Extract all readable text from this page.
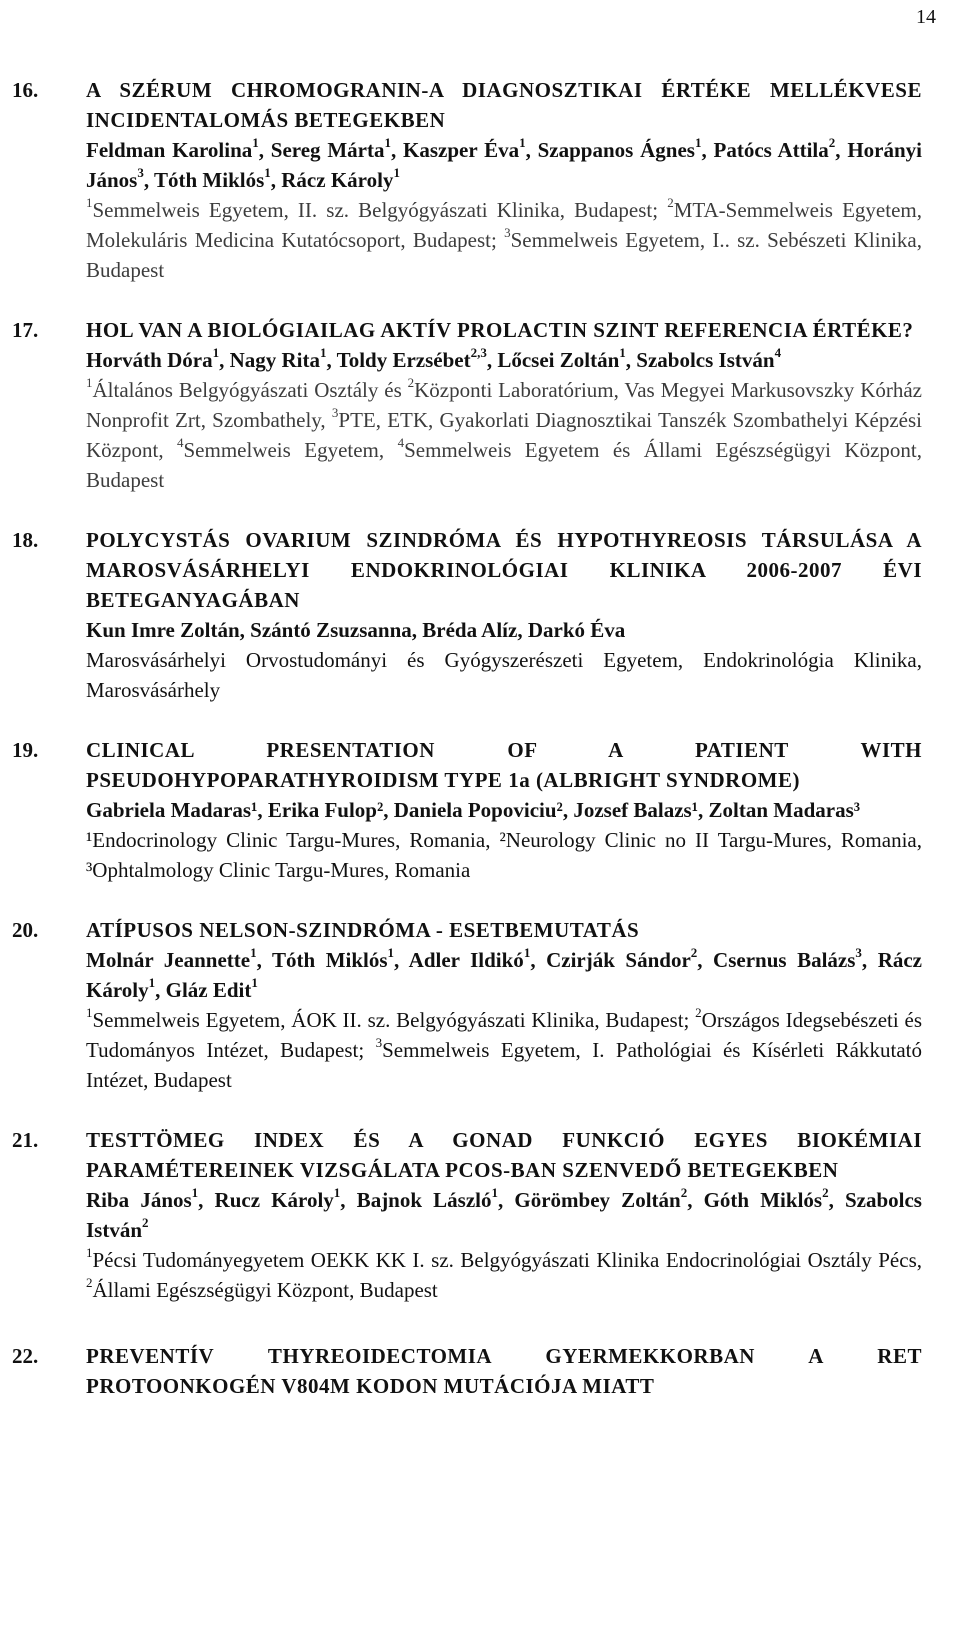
14
16. A SZÉRUM CHROMOGRANIN-A DIAGNOSZTIKAI ÉRTÉKE MELLÉKVESE INCIDENTALOMÁS BETEGEKBEN
Feldman Karolina$^1$, Sereg Márta$^1$, Kaszper Éva$^1$, Szappanos Ágnes$^1$, Patócs Attila$^2$, Horányi János$^3$, Tóth Miklós$^1$, Rácz Károly$^1$
$^1$Semmelweis Egyetem, II. sz. Belgyógyászati Klinika, Budapest; $^2$MTA-Semmelweis Egyetem, Molekuláris Medicina Kutatócsoport, Budapest; $^3$Semmelweis Egyetem, I.. sz. Sebészeti Klinika, Budapest
17. HOL VAN A BIOLÓGIAILAG AKTÍV PROLACTIN SZINT REFERENCIA ÉRTÉKE?
Horváth Dóra$^1$, Nagy Rita$^1$, Toldy Erzsébet$^{2,3}$, Lőcsei Zoltán$^1$, Szabolcs István$^4$
$^1$Általános Belgyógyászati Osztály és $^2$Központi Laboratórium, Vas Megyei Markusovszky Kórház Nonprofit Zrt, Szombathely, $^3$PTE, ETK, Gyakorlati Diagnosztikai Tanszék Szombathelyi Képzési Központ, $^4$Semmelweis Egyetem, $^4$Semmelweis Egyetem és Állami Egészségügyi Központ, Budapest
18. POLYCYSTÁS OVARIUM SZINDRÓMA ÉS HYPOTHYREOSIS TÁRSULÁSA A MAROSVÁSÁRHELYI ENDOKRINOLÓGIAI KLINIKA 2006-2007 ÉVI BETEGANYAGÁBAN
Kun Imre Zoltán, Szántó Zsuzsanna, Bréda Alíz, Darkó Éva
Marosvásárhelyi Orvostudományi és Gyógyszerészeti Egyetem, Endokrinológia Klinika, Marosvásárhely
19. CLINICAL PRESENTATION OF A PATIENT WITH PSEUDOHYPOPARATHYROIDISM TYPE 1a (ALBRIGHT SYNDROME)
Gabriela Madaras¹, Erika Fulop², Daniela Popoviciu², Jozsef Balazs¹, Zoltan Madaras³
¹Endocrinology Clinic Targu-Mures, Romania, ²Neurology Clinic no II Targu-Mures, Romania, ³Ophtalmology Clinic Targu-Mures, Romania
20. ATÍPUSOS NELSON-SZINDRÓMA - ESETBEMUTATÁS
Molnár Jeannette$^1$, Tóth Miklós$^1$, Adler Ildikó$^1$, Czirják Sándor$^2$, Csernus Balázs$^3$, Rácz Károly$^1$, Gláz Edit$^1$
$^1$Semmelweis Egyetem, ÁOK II. sz. Belgyógyászati Klinika, Budapest; $^2$Országos Idegsebészeti és Tudományos Intézet, Budapest; $^3$Semmelweis Egyetem, I. Pathológiai és Kísérleti Rákkutató Intézet, Budapest
21. TESTTÖMEG INDEX ÉS A GONAD FUNKCIÓ EGYES BIOKÉMIAI PARAMÉTEREINEK VIZSGÁLATA PCOS-BAN SZENVEDŐ BETEGEKBEN
Riba János$^1$, Rucz Károly$^1$, Bajnok László$^1$, Görömbey Zoltán$^2$, Góth Miklós$^2$, Szabolcs István$^2$
$^1$Pécsi Tudományegyetem OEKK KK I. sz. Belgyógyászati Klinika Endocrinológiai Osztály Pécs, $^2$Állami Egészségügyi Központ, Budapest
22. PREVENTÍV THYREOIDECTOMIA GYERMEKKORBAN A RET PROTOONKOGÉN V804M KODON MUTÁCIÓJA MIATT
